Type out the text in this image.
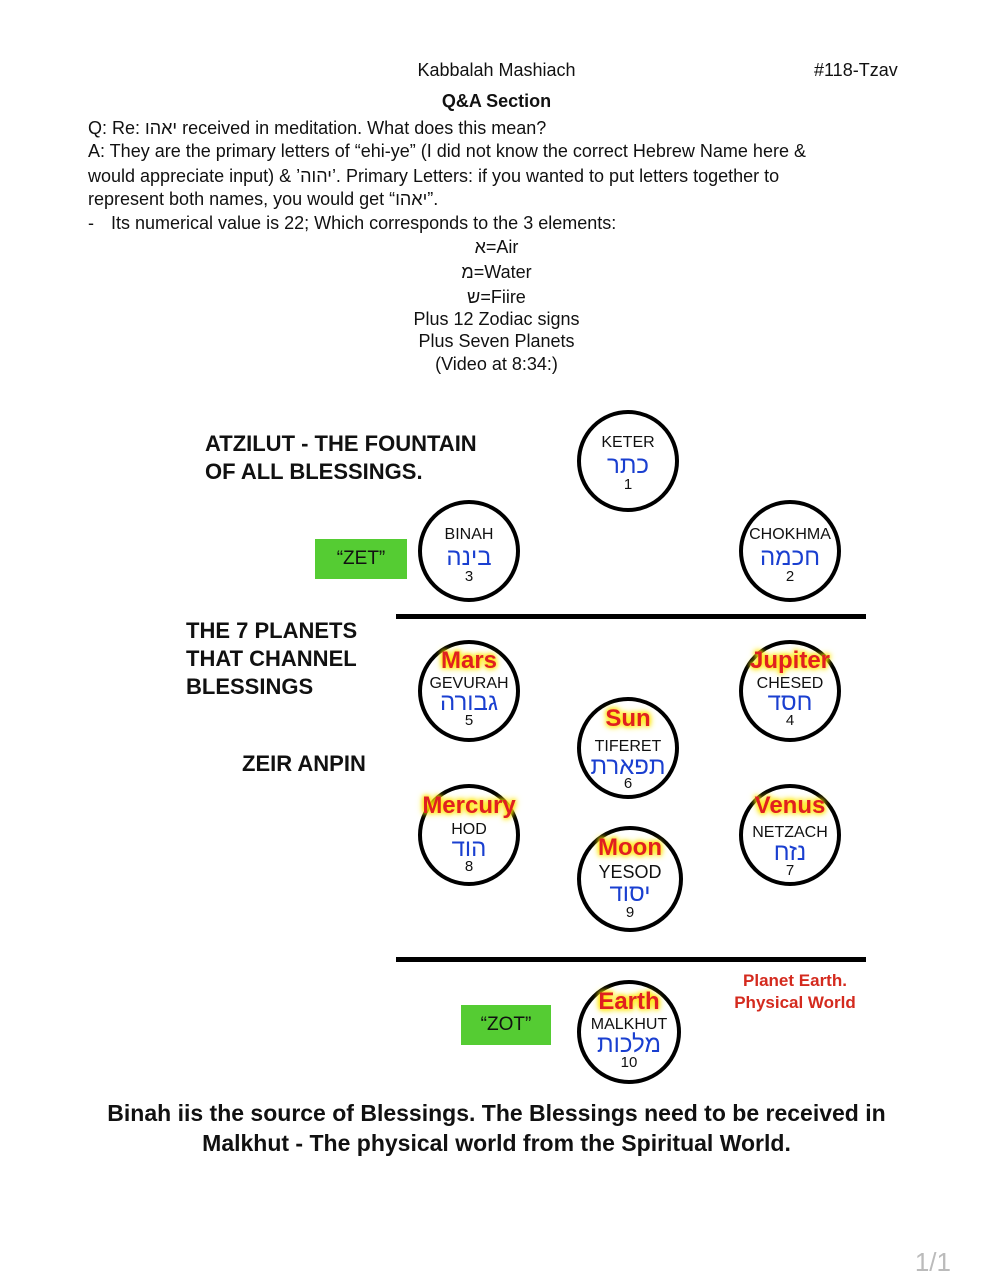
Kabbalah Mashiach	#118-Tzav
Q&A Section
Q: Re: יאהו received in meditation. What does this mean?
A: They are the primary letters of “ehi-ye” (I did not know the correct Hebrew Name here &
would appreciate input) & ’יהוה’. Primary Letters: if you wanted to put letters together to
represent both names, you would get “יאהו”.
- Its numerical value is 22; Which corresponds to the 3 elements:
א=Air
מ=Water
ש=Fiire
Plus 12 Zodiac signs
Plus Seven Planets
(Video at 8:34:)
ATZILUT - THE FOUNTAIN
OF ALL BLESSINGS.
THE 7 PLANETS
THAT CHANNEL
BLESSINGS
ZEIR ANPIN
“ZET”
“ZOT”
KETER
כתר
1
BINAH
בינה
3
CHOKHMA
חכמה
2
Mars
GEVURAH
גבורה
5
Jupiter
CHESED
חסד
4
Sun
TIFERET
תפארת
6
Mercury
HOD
הוד
8
Venus
NETZACH
נזח
7
Moon
YESOD
יסוד
9
Earth
MALKHUT
מלכות
10
Planet Earth.
Physical World
Binah iis the source of Blessings. The Blessings need to be received in
Malkhut - The physical world from the Spiritual World.
1/1
